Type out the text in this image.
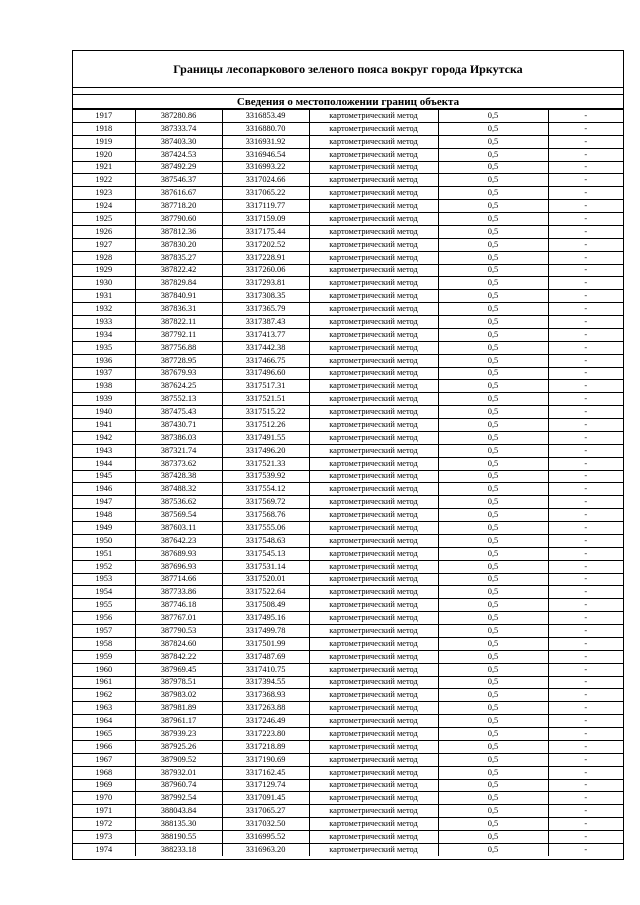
Границы лесопаркового зеленого пояса вокруг города Иркутска
Сведения о местоположении границ объекта
1917	387280.86	3316853.49	картометрический метод	0,5	-
1918	387333.74	3316880.70	картометрический метод	0,5	-
1919	387403.30	3316931.92	картометрический метод	0,5	-
1920	387424.53	3316946.54	картометрический метод	0,5	-
1921	387492.29	3316993.22	картометрический метод	0,5	-
1922	387546.37	3317024.66	картометрический метод	0,5	-
1923	387616.67	3317065.22	картометрический метод	0,5	-
1924	387718.20	3317119.77	картометрический метод	0,5	-
1925	387790.60	3317159.09	картометрический метод	0,5	-
1926	387812.36	3317175.44	картометрический метод	0,5	-
1927	387830.20	3317202.52	картометрический метод	0,5	-
1928	387835.27	3317228.91	картометрический метод	0,5	-
1929	387822.42	3317260.06	картометрический метод	0,5	-
1930	387829.84	3317293.81	картометрический метод	0,5	-
1931	387840.91	3317308.35	картометрический метод	0,5	-
1932	387836.31	3317365.79	картометрический метод	0,5	-
1933	387822.11	3317387.43	картометрический метод	0,5	-
1934	387792.11	3317413.77	картометрический метод	0,5	-
1935	387756.88	3317442.38	картометрический метод	0,5	-
1936	387728.95	3317466.75	картометрический метод	0,5	-
1937	387679.93	3317496.60	картометрический метод	0,5	-
1938	387624.25	3317517.31	картометрический метод	0,5	-
1939	387552.13	3317521.51	картометрический метод	0,5	-
1940	387475.43	3317515.22	картометрический метод	0,5	-
1941	387430.71	3317512.26	картометрический метод	0,5	-
1942	387386.03	3317491.55	картометрический метод	0,5	-
1943	387321.74	3317496.20	картометрический метод	0,5	-
1944	387373.62	3317521.33	картометрический метод	0,5	-
1945	387428.38	3317539.92	картометрический метод	0,5	-
1946	387488.32	3317554.12	картометрический метод	0,5	-
1947	387536.62	3317569.72	картометрический метод	0,5	-
1948	387569.54	3317568.76	картометрический метод	0,5	-
1949	387603.11	3317555.06	картометрический метод	0,5	-
1950	387642.23	3317548.63	картометрический метод	0,5	-
1951	387689.93	3317545.13	картометрический метод	0,5	-
1952	387696.93	3317531.14	картометрический метод	0,5	-
1953	387714.66	3317520.01	картометрический метод	0,5	-
1954	387733.86	3317522.64	картометрический метод	0,5	-
1955	387746.18	3317508.49	картометрический метод	0,5	-
1956	387767.01	3317495.16	картометрический метод	0,5	-
1957	387790.53	3317499.78	картометрический метод	0,5	-
1958	387824.60	3317501.99	картометрический метод	0,5	-
1959	387842.22	3317487.69	картометрический метод	0,5	-
1960	387969.45	3317410.75	картометрический метод	0,5	-
1961	387978.51	3317394.55	картометрический метод	0,5	-
1962	387983.02	3317368.93	картометрический метод	0,5	-
1963	387981.89	3317263.88	картометрический метод	0,5	-
1964	387961.17	3317246.49	картометрический метод	0,5	-
1965	387939.23	3317223.80	картометрический метод	0,5	-
1966	387925.26	3317218.89	картометрический метод	0,5	-
1967	387909.52	3317190.69	картометрический метод	0,5	-
1968	387932.01	3317162.45	картометрический метод	0,5	-
1969	387960.74	3317129.74	картометрический метод	0,5	-
1970	387992.54	3317091.45	картометрический метод	0,5	-
1971	388043.84	3317065.27	картометрический метод	0,5	-
1972	388135.30	3317032.50	картометрический метод	0,5	-
1973	388190.55	3316995.52	картометрический метод	0,5	-
1974	388233.18	3316963.20	картометрический метод	0,5	-
